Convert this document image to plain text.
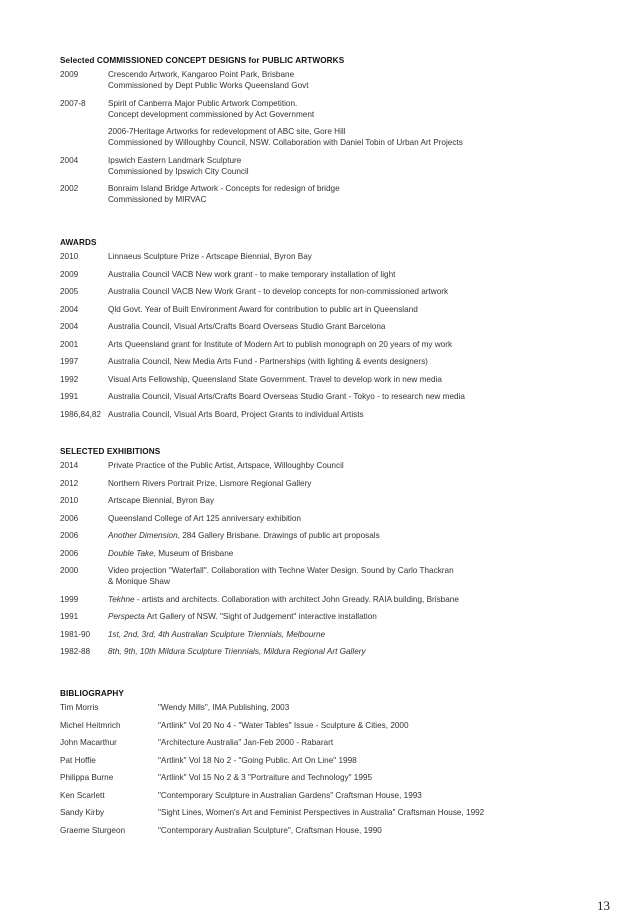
Selected COMMISSIONED CONCEPT DESIGNS for PUBLIC ARTWORKS
2009	Crescendo Artwork, Kangaroo Point Park, Brisbane
Commissioned by Dept Public Works Queensland Govt
2007-8	Spirit of Canberra Major Public Artwork Competition.
Concept development commissioned by Act Government
2006-7Heritage Artworks for redevelopment of ABC site, Gore Hill
Commissioned by Willoughby Council, NSW. Collaboration with Daniel Tobin of Urban Art Projects
2004	Ipswich Eastern Landmark Sculpture
Commissioned by Ipswich City Council
2002	Bonraim Island Bridge Artwork - Concepts for redesign of bridge
Commissioned by MIRVAC
AWARDS
2010	Linnaeus Sculpture Prize - Artscape Biennial, Byron Bay
2009	Australia Council VACB New work grant - to make temporary installation of light
2005	Australia Council VACB New Work Grant - to develop concepts for non-commissioned artwork
2004	Qld Govt. Year of Built Environment Award for contribution to public art in Queensland
2004	Australia Council, Visual Arts/Crafts Board Overseas Studio Grant Barcelona
2001	Arts Queensland grant for Institute of Modern Art to publish monograph on 20 years of my work
1997	Australia Council, New Media Arts Fund - Partnerships (with lighting & events designers)
1992	Visual Arts Fellowship, Queensland State Government. Travel to develop work in new media
1991	Australia Council, Visual Arts/Crafts Board Overseas Studio Grant - Tokyo - to research new media
1986,84,82 Australia Council, Visual Arts Board, Project Grants to individual Artists
SELECTED EXHIBITIONS
2014	Private Practice of the Public Artist, Artspace, Willoughby Council
2012	Northern Rivers Portrait Prize, Lismore Regional Gallery
2010	Artscape Biennial, Byron Bay
2006	Queensland College of Art 125 anniversary exhibition
2006	Another Dimension, 284 Gallery Brisbane. Drawings of public art proposals
2006	Double Take, Museum of Brisbane
2000	Video projection "Waterfall". Collaboration with Techne Water Design. Sound by Carlo Thackran
& Monique Shaw
1999	Tekhne - artists and architects. Collaboration with architect John Gready. RAIA building, Brisbane
1991	Perspecta Art Gallery of NSW. "Sight of Judgement" interactive installation
1981-90	1st, 2nd, 3rd, 4th Australian Sculpture Triennials, Melbourne
1982-88	8th, 9th, 10th Mildura Sculpture Triennials, Mildura Regional Art Gallery
BIBLIOGRAPHY
Tim Morris	"Wendy Mills", IMA Publishing, 2003
Michel Heitmrich	"Artlink" Vol 20 No 4 - "Water Tables" Issue - Sculpture & Cities, 2000
John Macarthur	"Architecture Australia" Jan-Feb 2000 - Rabarart
Pat Hoffie	"Artlink" Vol 18 No 2 - "Going Public. Art On Line" 1998
Philippa Burne	"Artlink" Vol 15 No 2 & 3 "Portraiture and Technology" 1995
Ken Scarlett	"Contemporary Sculpture in Australian Gardens" Craftsman House, 1993
Sandy Kirby	"Sight Lines, Women's Art and Feminist Perspectives in Australia" Craftsman House, 1992
Graeme Sturgeon	"Contemporary Australian Sculpture", Craftsman House, 1990
13
